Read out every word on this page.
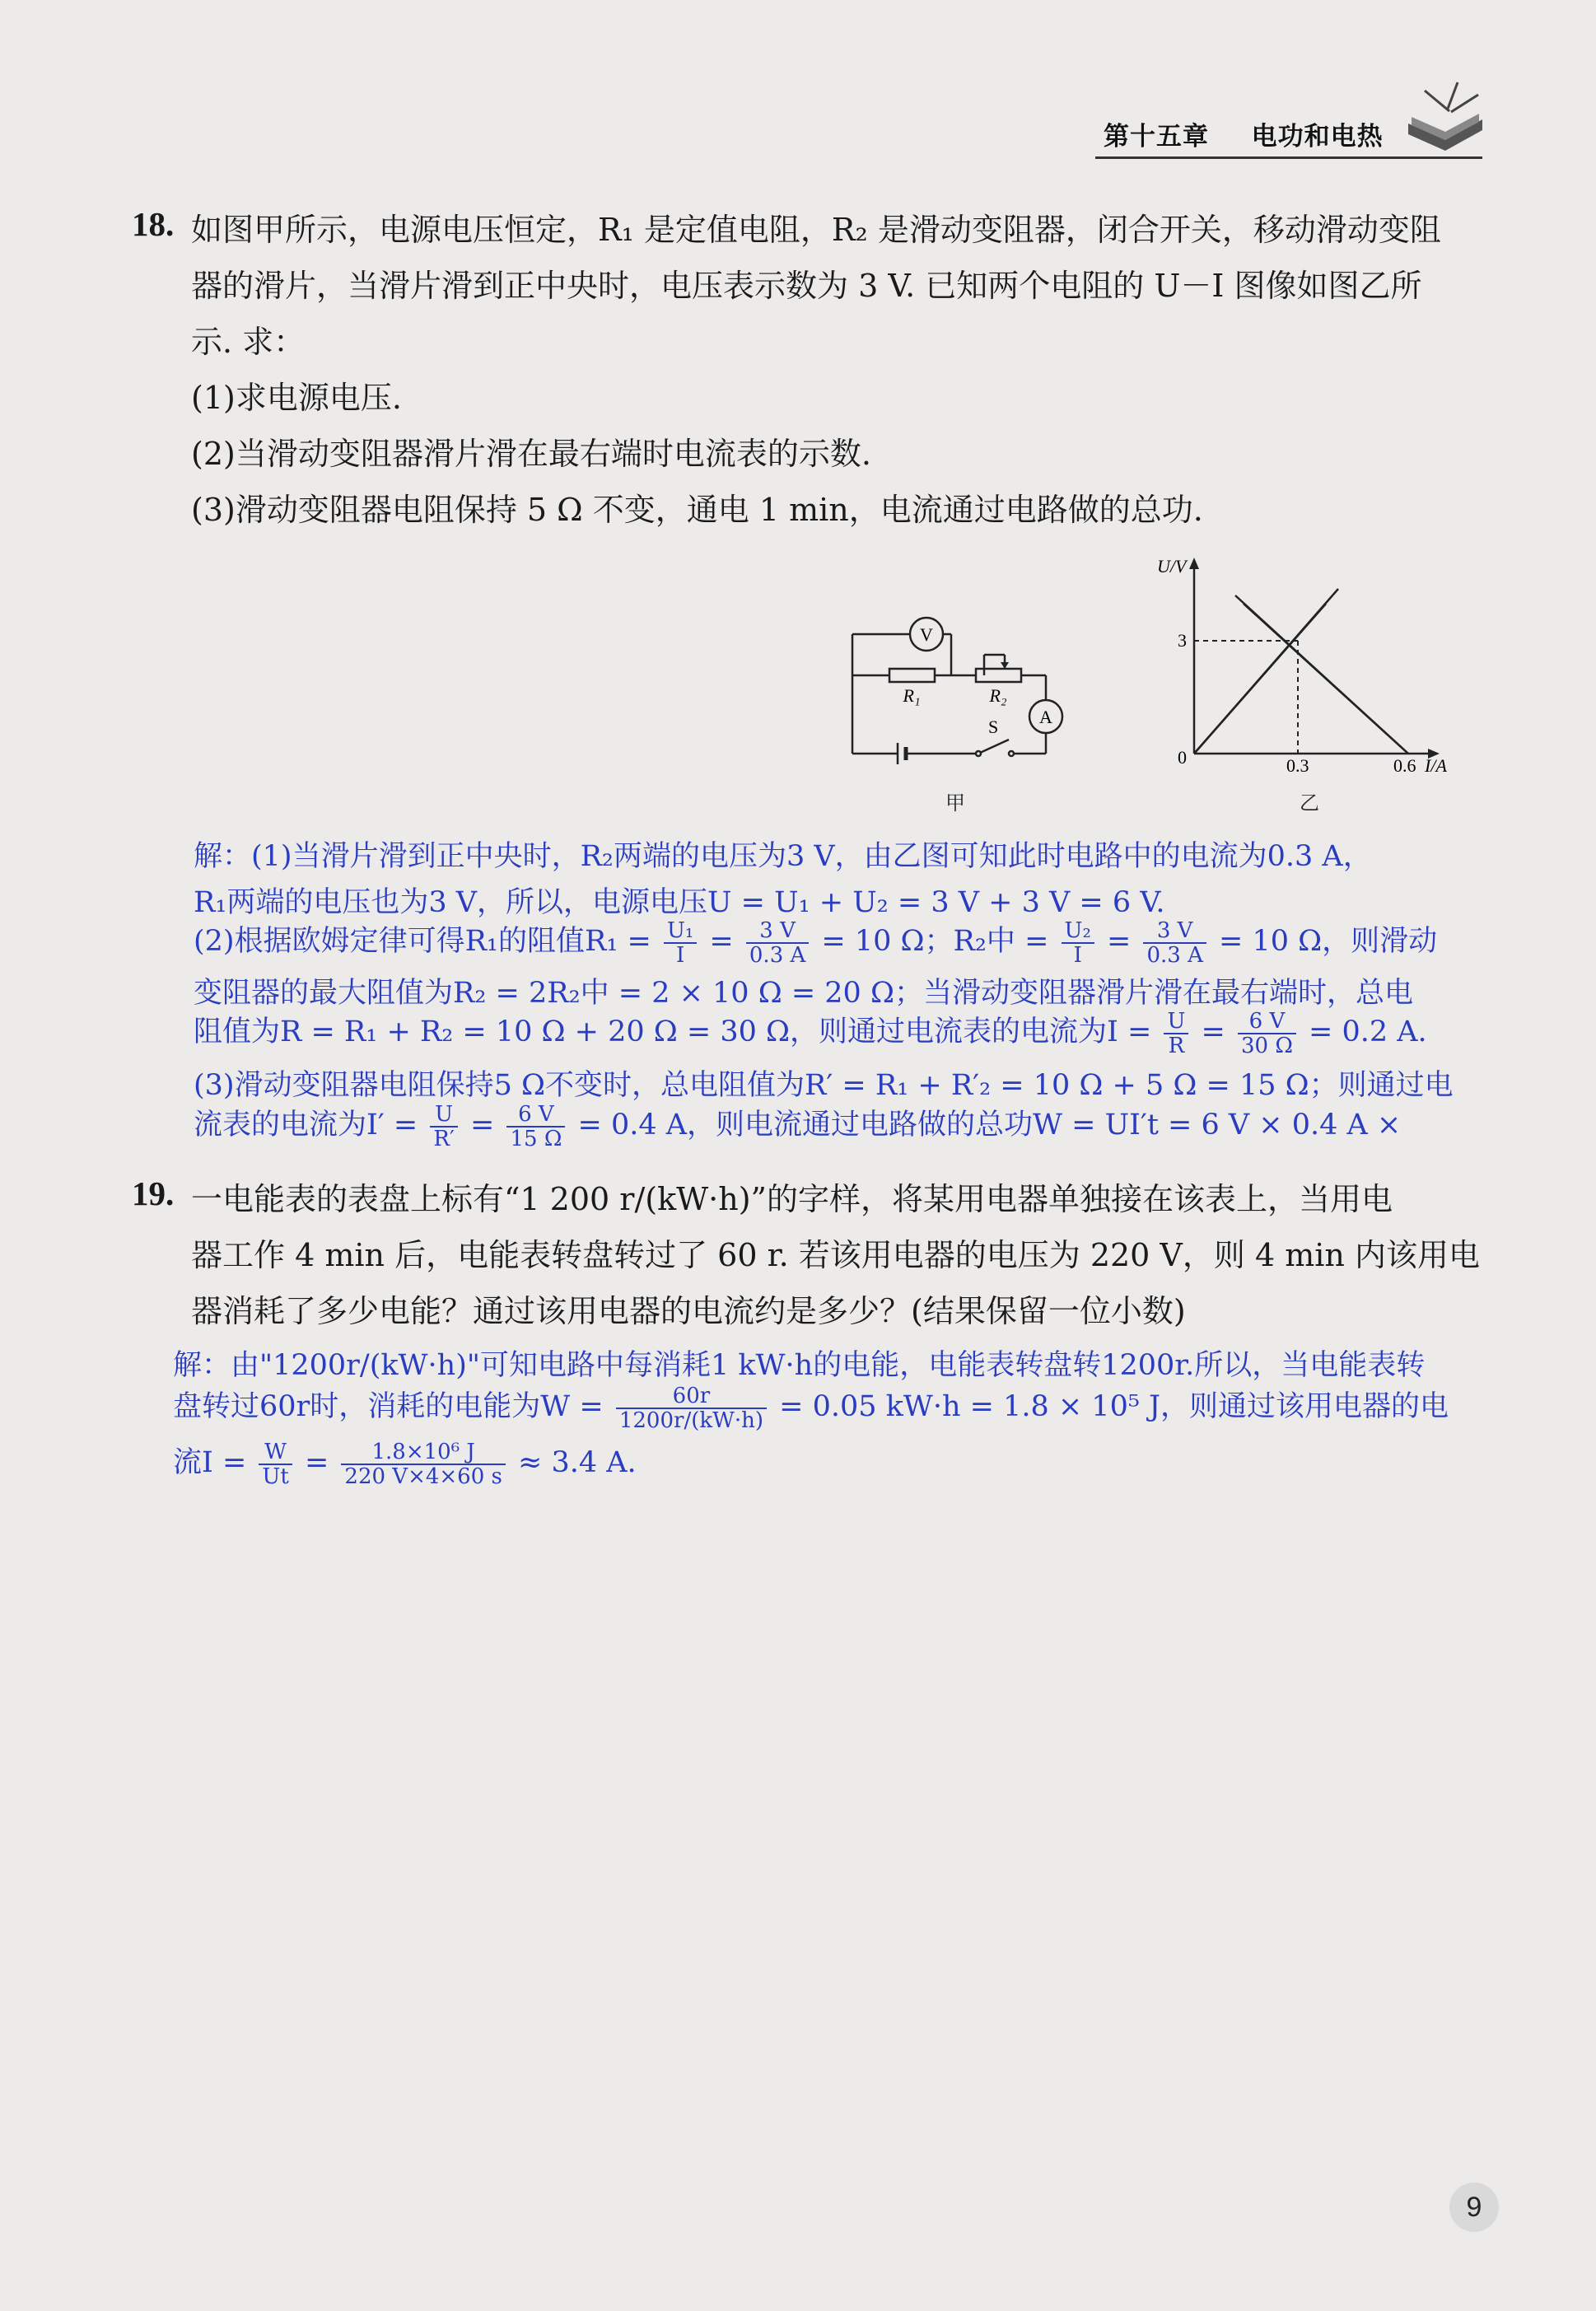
第十五章 电功和电热
18. 如图甲所示，电源电压恒定，R₁ 是定值电阻，R₂ 是滑动变阻器，闭合开关，移动滑动变阻
器的滑片，当滑片滑到正中央时，电压表示数为 3 V. 已知两个电阻的 U－I 图像如图乙所
示. 求：
(1)求电源电压.
(2)当滑动变阻器滑片滑在最右端时电流表的示数.
(3)滑动变阻器电阻保持 5 Ω 不变，通电 1 min，电流通过电路做的总功.
V
A
R₁	R₂
S
甲
U/V
3
0	0.3	0.6 I/A
乙
解：(1)当滑片滑到正中央时，R₂两端的电压为3 V，由乙图可知此时电路中的电流为0.3 A，
R₁两端的电压也为3 V，所以，电源电压U = U₁ + U₂ = 3 V + 3 V = 6 V.
(2)根据欧姆定律可得R₁的阻值$R_1 = \frac{\text{U₁}}{I} = \frac{3 V}{0.3 A} = 10$ Ω；R₂中 = $\frac{\text{U₂}}{I} = \frac{3 V}{0.3 A} = 10$ Ω，则滑动
变阻器的最大阻值为R₂ = 2R₂中 = 2 × 10 Ω = 20 Ω；当滑动变阻器滑片滑在最右端时，总电
阻值为R = R₁ + R₂ = 10 Ω + 20 Ω = 30 Ω，则通过电流表的电流为$I = \frac{U}{R} = \frac{6 V}{30 \Omega} = 0.2$ A.
(3)滑动变阻器电阻保持5 Ω不变时，总电阻值为R′ = R₁ + R′₂ = 10 Ω + 5 Ω = 15 Ω；则通过电
流表的电流为$I' = \frac{U}{R'} = \frac{6 V}{15 \Omega} = 0.4$ A，则电流通过电路做的总功W = UI′t = 6 V × 0.4 A ×
19. 一电能表的表盘上标有“1 200 r/(kW·h)”的字样，将某用电器单独接在该表上，当用电
器工作 4 min 后，电能表转盘转过了 60 r. 若该用电器的电压为 220 V，则 4 min 内该用电
器消耗了多少电能？通过该用电器的电流约是多少？(结果保留一位小数)
解：由"1200r/(kW·h)"可知电路中每消耗1 kW·h的电能，电能表转盘转1200r.所以，当电能表转
盘转过60r时，消耗的电能为$W = \frac{60r}{1200r/(kW\cdot h)} = 0.05$ kW·h = 1.8 × 10⁵ J，则通过该用电器的电
流$I = \frac{W}{Ut} = \frac{\text{1.8×10⁶ J}}{220 V\times 4\times 60 s} \approx 3.4$ A.
9
